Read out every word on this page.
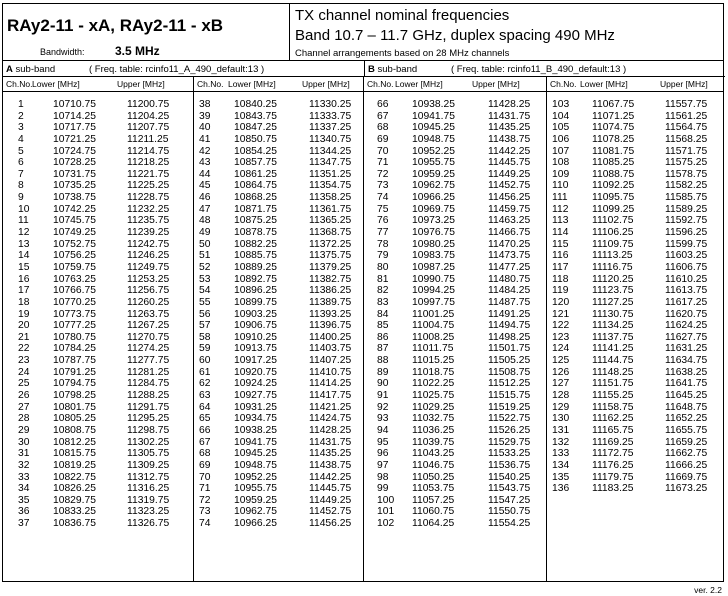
RAy2-11 - xA, RAy2-11 - xB
Bandwidth:	3.5 MHz
TX channel nominal frequencies
Band 10.7 – 11.7 GHz, duplex spacing 490 MHz
Channel arrangements based on 28 MHz channels
A sub-band	( Freq. table: rcinfo11_A_490_default:13 )	B sub-band	( Freq. table: rcinfo11_B_490_default:13 )
Ch.No. Lower [MHz]	Upper [MHz]
1	10710.75	11200.75
2	10714.25	11204.25
3	10717.75	11207.75
4	10721.25	11211.25
5	10724.75	11214.75
6	10728.25	11218.25
7	10731.75	11221.75
8	10735.25	11225.25
9	10738.75	11228.75
10 10742.25	11232.25
11 10745.75	11235.75
12 10749.25	11239.25
13 10752.75	11242.75
14 10756.25	11246.25
15 10759.75	11249.75
16 10763.25	11253.25
17 10766.75	11256.75
18 10770.25	11260.25
19 10773.75	11263.75
20 10777.25	11267.25
21 10780.75	11270.75
22 10784.25	11274.25
23 10787.75	11277.75
24 10791.25	11281.25
25 10794.75	11284.75
26 10798.25	11288.25
27 10801.75	11291.75
28 10805.25	11295.25
29 10808.75	11298.75
30 10812.25	11302.25
31 10815.75	11305.75
32 10819.25	11309.25
33 10822.75	11312.75
34 10826.25	11316.25
35 10829.75	11319.75
36 10833.25	11323.25
37 10836.75	11326.75
Ch.No. Lower [MHz]	Upper [MHz]
38 10840.25	11330.25
39 10843.75	11333.75
40 10847.25	11337.25
41 10850.75	11340.75
42 10854.25	11344.25
43 10857.75	11347.75
44 10861.25	11351.25
45 10864.75	11354.75
46 10868.25	11358.25
47 10871.75	11361.75
48 10875.25	11365.25
49 10878.75	11368.75
50 10882.25	11372.25
51 10885.75	11375.75
52 10889.25	11379.25
53 10892.75	11382.75
54 10896.25	11386.25
55 10899.75	11389.75
56 10903.25	11393.25
57 10906.75	11396.75
58 10910.25	11400.25
59 10913.75	11403.75
60 10917.25	11407.25
61 10920.75	11410.75
62 10924.25	11414.25
63 10927.75	11417.75
64 10931.25	11421.25
65 10934.75	11424.75
66 10938.25	11428.25
67 10941.75	11431.75
68 10945.25	11435.25
69 10948.75	11438.75
70 10952.25	11442.25
71 10955.75	11445.75
72 10959.25	11449.25
73 10962.75	11452.75
74 10966.25	11456.25
Ch.No. Lower [MHz]	Upper [MHz]
66 10938.25	11428.25
67 10941.75	11431.75
68 10945.25	11435.25
69 10948.75	11438.75
70 10952.25	11442.25
71 10955.75	11445.75
72 10959.25	11449.25
73 10962.75	11452.75
74 10966.25	11456.25
75 10969.75	11459.75
76 10973.25	11463.25
77 10976.75	11466.75
78 10980.25	11470.25
79 10983.75	11473.75
80 10987.25	11477.25
81 10990.75	11480.75
82 10994.25	11484.25
83 10997.75	11487.75
84 11001.25	11491.25
85 11004.75	11494.75
86 11008.25	11498.25
87 11011.75	11501.75
88 11015.25	11505.25
89 11018.75	11508.75
90 11022.25	11512.25
91 11025.75	11515.75
92 11029.25	11519.25
93 11032.75	11522.75
94 11036.25	11526.25
95 11039.75	11529.75
96 11043.25	11533.25
97 11046.75	11536.75
98 11050.25	11540.25
99 11053.75	11543.75
100 11057.25	11547.25
101 11060.75	11550.75
102 11064.25	11554.25
Ch.No. Lower [MHz]	Upper [MHz]
103 11067.75	11557.75
104 11071.25	11561.25
105 11074.75	11564.75
106 11078.25	11568.25
107 11081.75	11571.75
108 11085.25	11575.25
109 11088.75	11578.75
110 11092.25	11582.25
111 11095.75	11585.75
112 11099.25	11589.25
113 11102.75	11592.75
114 11106.25	11596.25
115 11109.75	11599.75
116 11113.25	11603.25
117 11116.75	11606.75
118 11120.25	11610.25
119 11123.75	11613.75
120 11127.25	11617.25
121 11130.75	11620.75
122 11134.25	11624.25
123 11137.75	11627.75
124 11141.25	11631.25
125 11144.75	11634.75
126 11148.25	11638.25
127 11151.75	11641.75
128 11155.25	11645.25
129 11158.75	11648.75
130 11162.25	11652.25
131 11165.75	11655.75
132 11169.25	11659.25
133 11172.75	11662.75
134 11176.25	11666.25
135 11179.75	11669.75
136 11183.25	11673.25
ver. 2.2
